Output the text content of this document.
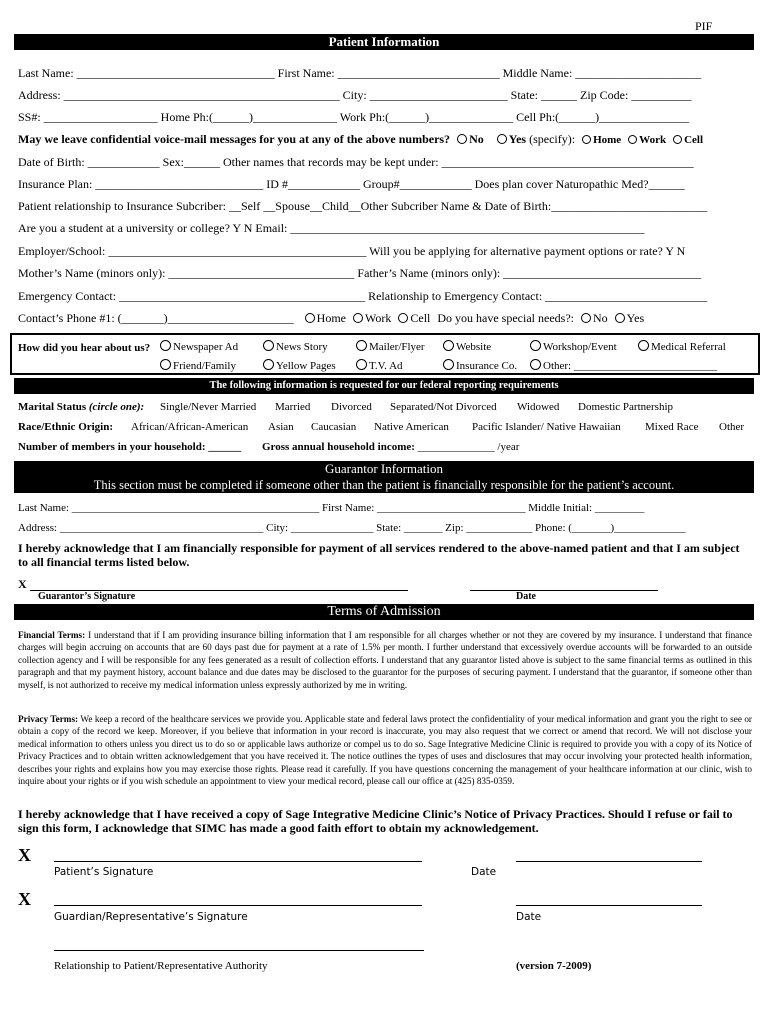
PIF
Patient Information
Last Name: _________________________________ First Name: ___________________________ Middle Name: _____________________
Address: ______________________________________________ City: _______________________ State: ______ Zip Code: __________
SS#: ___________________ Home Ph:(______)______________ Work Ph:(______)______________ Cell Ph:(______)_______________
May we leave confidential voice-mail messages for you at any of the above numbers? No Yes (specify): Home Work Cell
Date of Birth: ____________ Sex:______ Other names that records may be kept under: __________________________________________
Insurance Plan: ____________________________ ID #____________ Group#____________ Does plan cover Naturopathic Med?______
Patient relationship to Insurance Subcriber: __Self __Spouse__Child__Other Subcriber Name & Date of Birth:__________________________
Are you a student at a university or college? Y N Email: ___________________________________________________________
Employer/School: ___________________________________________ Will you be applying for alternative payment options or rate? Y N
Mother’s Name (minors only): _______________________________ Father’s Name (minors only): _________________________________
Emergency Contact: _________________________________________ Relationship to Emergency Contact: ___________________________
Contact’s Phone #1: (_______)_____________________ Home Work Cell Do you have special needs?: No Yes
How did you hear about us?	Newspaper Ad	News Story	Mailer/Flyer	Website	Workshop/Event	Medical Referral
Friend/Family	Yellow Pages	T.V. Ad	Insurance Co.	Other: __________________________
The following information is requested for our federal reporting requirements
Marital Status (circle one): Single/Never Married Married Divorced Separated/Not Divorced Widowed Domestic Partnership
Race/Ethnic Origin: African/African-American Asian Caucasian Native American Pacific Islander/ Native Hawaiian Mixed Race Other
Number of members in your household: ______ Gross annual household income: ______________ /year
Guarantor Information
This section must be completed if someone other than the patient is financially responsible for the patient’s account.
Last Name: _____________________________________________ First Name: ___________________________ Middle Initial: _________
Address: _____________________________________ City: _______________ State: _______ Zip: ____________ Phone: (_______)_____________
I hereby acknowledge that I am financially responsible for payment of all services rendered to the above-named patient and that I am subject to all financial terms listed below.
X
Guarantor’s Signature	Date
Terms of Admission
Financial Terms: I understand that if I am providing insurance billing information that I am responsible for all charges whether or not they are covered by my insurance. I understand that finance charges will begin accruing on accounts that are 60 days past due for payment at a rate of 1.5% per month. I further understand that excessively overdue accounts will be forwarded to an outside collection agency and I will be responsible for any fees generated as a result of collection efforts. I understand that any guarantor listed above is subject to the same financial terms as outlined in this paragraph and that my payment history, account balance and due dates may be disclosed to the guarantor for the purposes of securing payment. I understand that the guarantor, if someone other than myself, is not authorized to receive my medical information unless expressly authorized by me in writing.
Privacy Terms: We keep a record of the healthcare services we provide you. Applicable state and federal laws protect the confidentiality of your medical information and grant you the right to see or obtain a copy of the record we keep. Moreover, if you believe that information in your record is inaccurate, you may also request that we correct or amend that record. We will not disclose your medical information to others unless you direct us to do so or applicable laws authorize or compel us to do so. Sage Integrative Medicine Clinic is required to provide you with a copy of its Notice of Privacy Practices and to obtain written acknowledgement that you have received it. The notice outlines the types of uses and disclosures that may occur involving your protected health information, describes your rights and explains how you may exercise those rights. Please read it carefully. If you have questions concerning the management of your healthcare information at our clinic, wish to inquire about your rights or if you wish schedule an appointment to view your medical record, please call our office at (425) 835-0359.
I hereby acknowledge that I have received a copy of Sage Integrative Medicine Clinic’s Notice of Privacy Practices. Should I refuse or fail to sign this form, I acknowledge that SIMC has made a good faith effort to obtain my acknowledgement.
X
Patient’s Signature	Date
X
Guardian/Representative’s Signature	Date
Relationship to Patient/Representative Authority	(version 7-2009)
